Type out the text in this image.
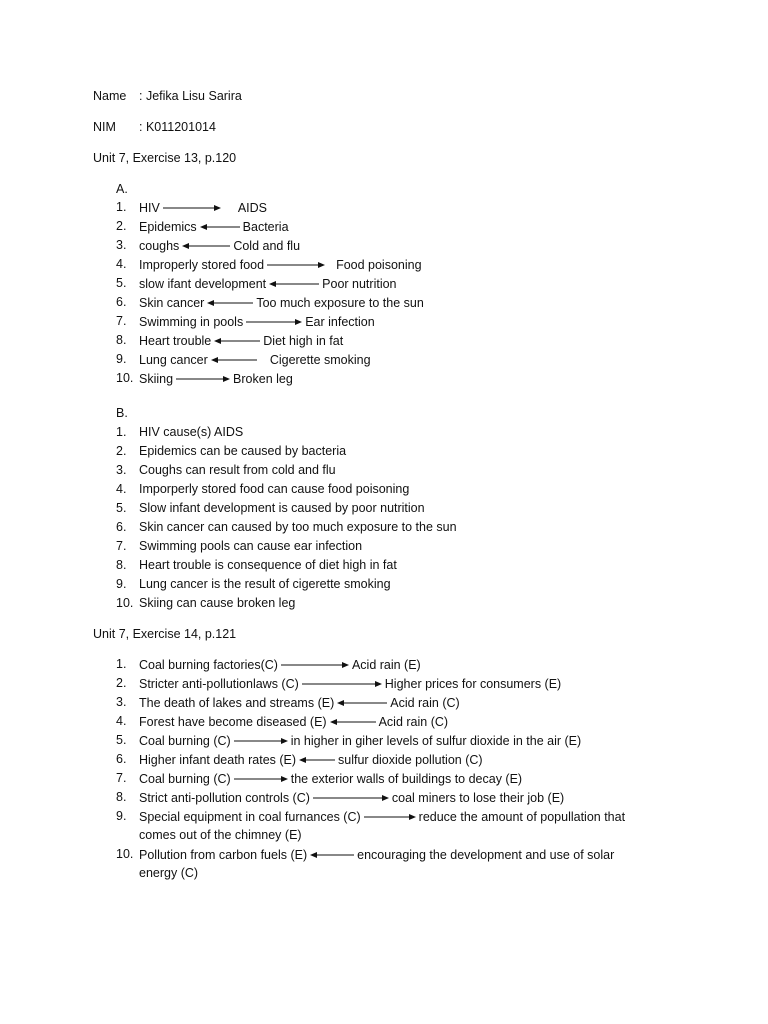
Name : Jefika Lisu Sarira
NIM : K011201014
Unit 7, Exercise 13, p.120
A.
1.	HIV	AIDS
2.	Epidemics	Bacteria
3.	coughs	Cold and flu
4.	Improperly stored food	Food poisoning
5.	slow ifant development	Poor nutrition
6.	Skin cancer	Too much exposure to the sun
7.	Swimming in pools	Ear infection
8.	Heart trouble	Diet high in fat
9.	Lung cancer	Cigerette smoking
10. Skiing	Broken leg
B.
1.	HIV cause(s) AIDS
2.	Epidemics can be caused by bacteria
3.	Coughs can result from cold and flu
4.	Imporperly stored food can cause food poisoning
5.	Slow infant development is caused by poor nutrition
6.	Skin cancer can caused by too much exposure to the sun
7.	Swimming pools can cause ear infection
8.	Heart trouble is consequence of diet high in fat
9.	Lung cancer is the result of cigerette smoking
10. Skiing can cause broken leg
Unit 7, Exercise 14, p.121
1.	Coal burning factories(C)	Acid rain (E)
2.	Stricter anti-pollutionlaws (C)	Higher prices for consumers (E)
3.	The death of lakes and streams (E)	Acid rain (C)
4.	Forest have become diseased (E)	Acid rain (C)
5.	Coal burning (C)	in higher in giher levels of sulfur dioxide in the air (E)
6.	Higher infant death rates (E)	sulfur dioxide pollution (C)
7.	Coal burning (C)	the exterior walls of buildings to decay (E)
8.	Strict anti-pollution controls (C)	coal miners to lose their job (E)
9.	Special equipment in coal furnances (C)	reduce the amount of popullation that
comes out of the chimney (E)
10. Pollution from carbon fuels (E)	encouraging the development and use of solar
energy (C)
